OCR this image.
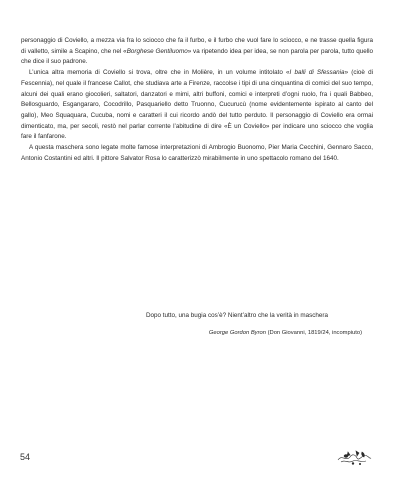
personaggio di Coviello, a mezza via fra lo sciocco che fa il furbo, e il furbo che vuol fare lo sciocco, e ne trasse quella figura di valletto, simile a Scapino, che nel «Borghese Gentiluomo» va ripetendo idea per idea, se non parola per parola, tutto quello che dice il suo padrone.

L’unica altra memoria di Coviello si trova, oltre che in Molière, in un volume intitolato «I balli di Sfessania» (cioè di Fescennia), nel quale il francese Callot, che studiava arte a Firenze, raccolse i tipi di una cinquantina di comici del suo tempo, alcuni dei quali erano giocolieri, saltatori, danzatori e mimi, altri buffoni, comici e interpreti d’ogni ruolo, fra i quali Babbeo, Bellosguardo, Esgangararo, Cocodrillo, Pasquariello detto Truonno, Cucurucù (nome evidentemente ispirato al canto del gallo), Meo Squaquara, Cucuba, nomi e caratteri il cui ricordo andò del tutto perduto. Il personaggio di Coviello era ormai dimenticato, ma, per secoli, restò nel parlar corrente l’abitudine di dire «È un Coviello» per indicare uno sciocco che voglia fare il fanfarone.

A questa maschera sono legate molte famose interpretazioni di Ambrogio Buonomo, Pier Maria Cecchini, Gennaro Sacco, Antonio Costantini ed altri. Il pittore Salvator Rosa lo caratterizzò mirabilmente in uno spettacolo romano del 1640.

Dopo tutto, una bugia cos’è? Nient’altro che la verità in maschera
George Gordon Byron (Don Giovanni, 1819/24, incompiuto)
54
